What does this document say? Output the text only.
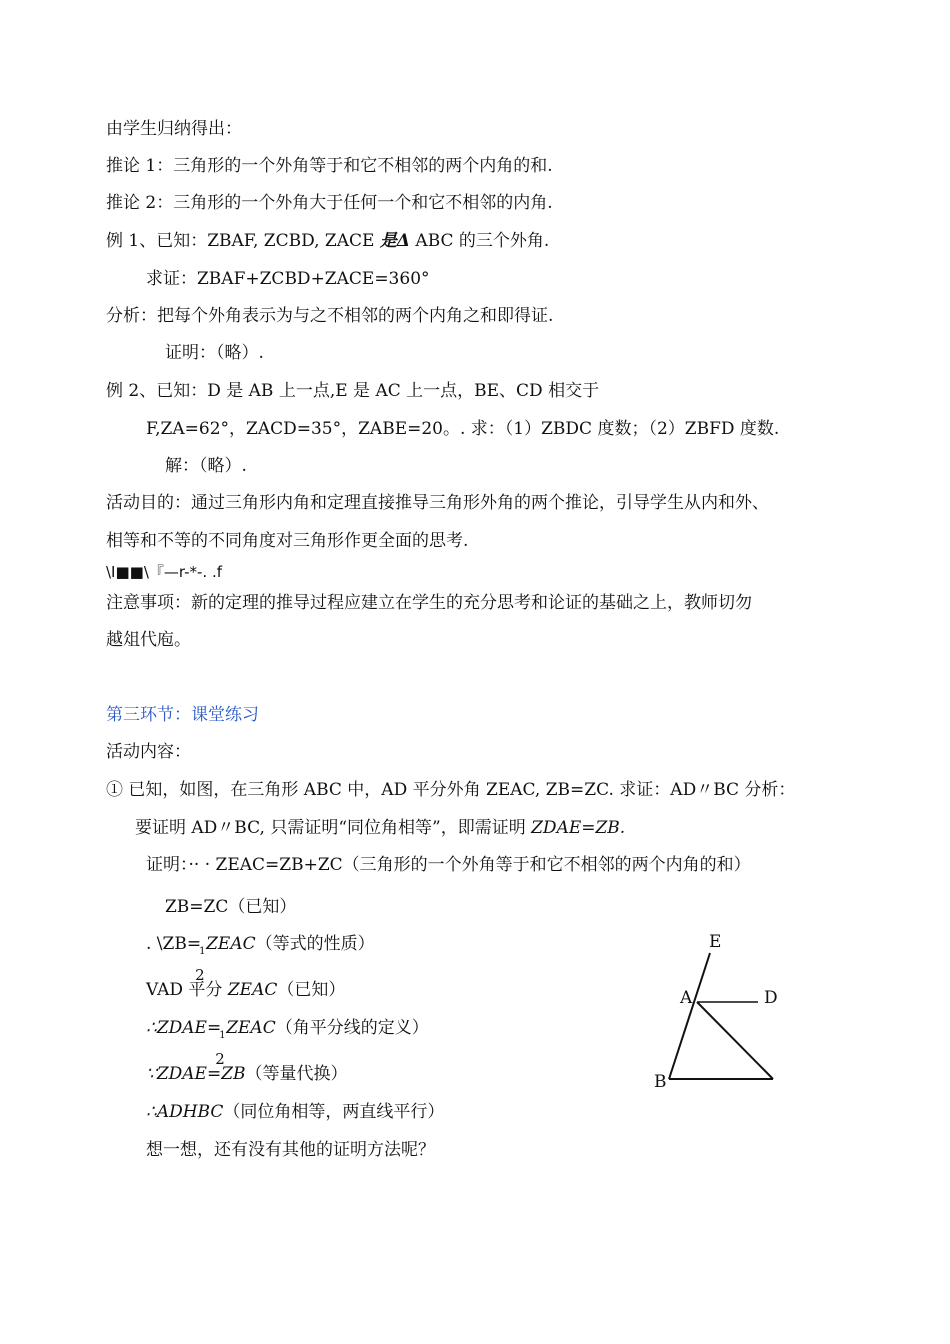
由学生归纳得出：
推论 1：三角形的一个外角等于和它不相邻的两个内角的和.
推论 2：三角形的一个外角大于任何一个和它不相邻的内角.
例 1、已知：ZBAF, ZCBD, ZACE 是Δ ABC 的三个外角.
求证：ZBAF+ZCBD+ZACE=360°
分析：把每个外角表示为与之不相邻的两个内角之和即得证.
证明：（略）.
例 2、已知：D 是 AB 上一点,E 是 AC 上一点，BE、CD 相交于
F,ZA=62°，ZACD=35°，ZABE=20。. 求：（1）ZBDC 度数；（2）ZBFD 度数.
解：（略）.
活动目的：通过三角形内角和定理直接推导三角形外角的两个推论，引导学生从内和外、
相等和不等的不同角度对三角形作更全面的思考.
\I■■\『—r-*-. .f
注意事项：新的定理的推导过程应建立在学生的充分思考和论证的基础之上，教师切勿
越俎代庖。
第三环节：课堂练习
活动内容：
① 已知，如图，在三角形 ABC 中，AD 平分外角 ZEAC, ZB=ZC. 求证：AD〃BC 分析：
要证明 AD〃BC, 只需证明“同位角相等”，即需证明 ZDAE=ZB.
证明：·· · ZEAC=ZB+ZC（三角形的一个外角等于和它不相邻的两个内角的和）
ZB=ZC（已知）
. \ZB=
1
2
ZEAC（等式的性质）
VAD 平分 ZEAC（已知）
∴ZDAE=
1
2
ZEAC（角平分线的定义）
∵ZDAE=ZB（等量代换）
∴ADHBC（同位角相等，两直线平行）
想一想，还有没有其他的证明方法呢？
E
A	D
B
